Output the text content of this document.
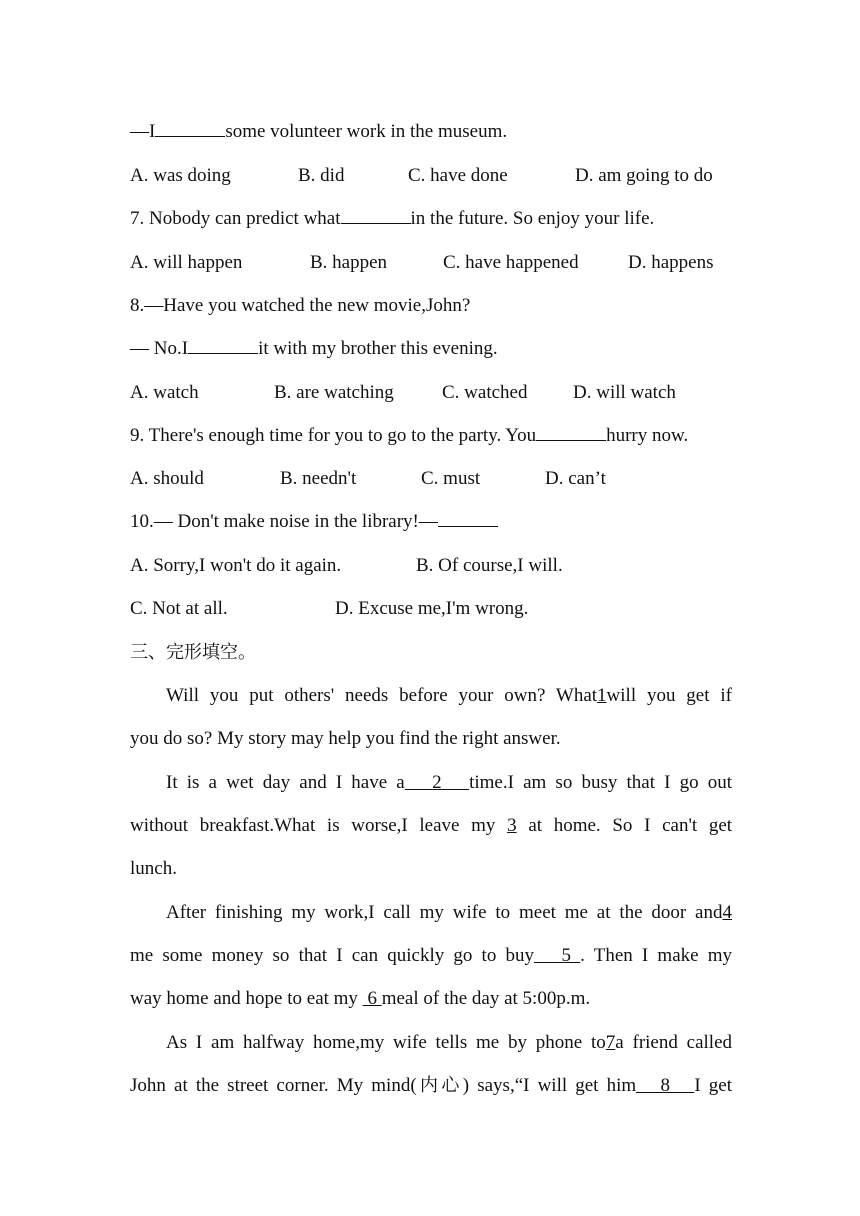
—I	some volunteer work in the museum.
A. was doing	B. did	C. have done	D. am going to do
7. Nobody can predict what	in the future. So enjoy your life.
A. will happen	B. happen	C. have happened	D. happens
8.—Have you watched the new movie,John?
— No.I	it with my brother this evening.
A. watch	B. are watching	C. watched D. will watch
9. There's enough time for you to go to the party. You	hurry now.
A. should	B. needn't	C. must	D. can’t
10.— Don't make noise in the library!—
A. Sorry,I won't do it again.	B. Of course,I will.
C. Not at all.	D. Excuse me,I'm wrong.
三、完形填空。
Will you put others' needs before your own? What1will you get if
you do so? My story may help you find the right answer.
It is a wet day and I have a 2 time.I am so busy that I go out
without breakfast.What is worse,I leave my 3 at home. So I can't get
lunch.
After finishing my work,I call my wife to meet me at the door and4
me some money so that I can quickly go to buy 5 . Then I make my
way home and hope to eat my 6 meal of the day at 5:00p.m.
As I am halfway home,my wife tells me by phone to7a friend called
John at the street corner. My mind(内心) says,“I will get him 8 I get
